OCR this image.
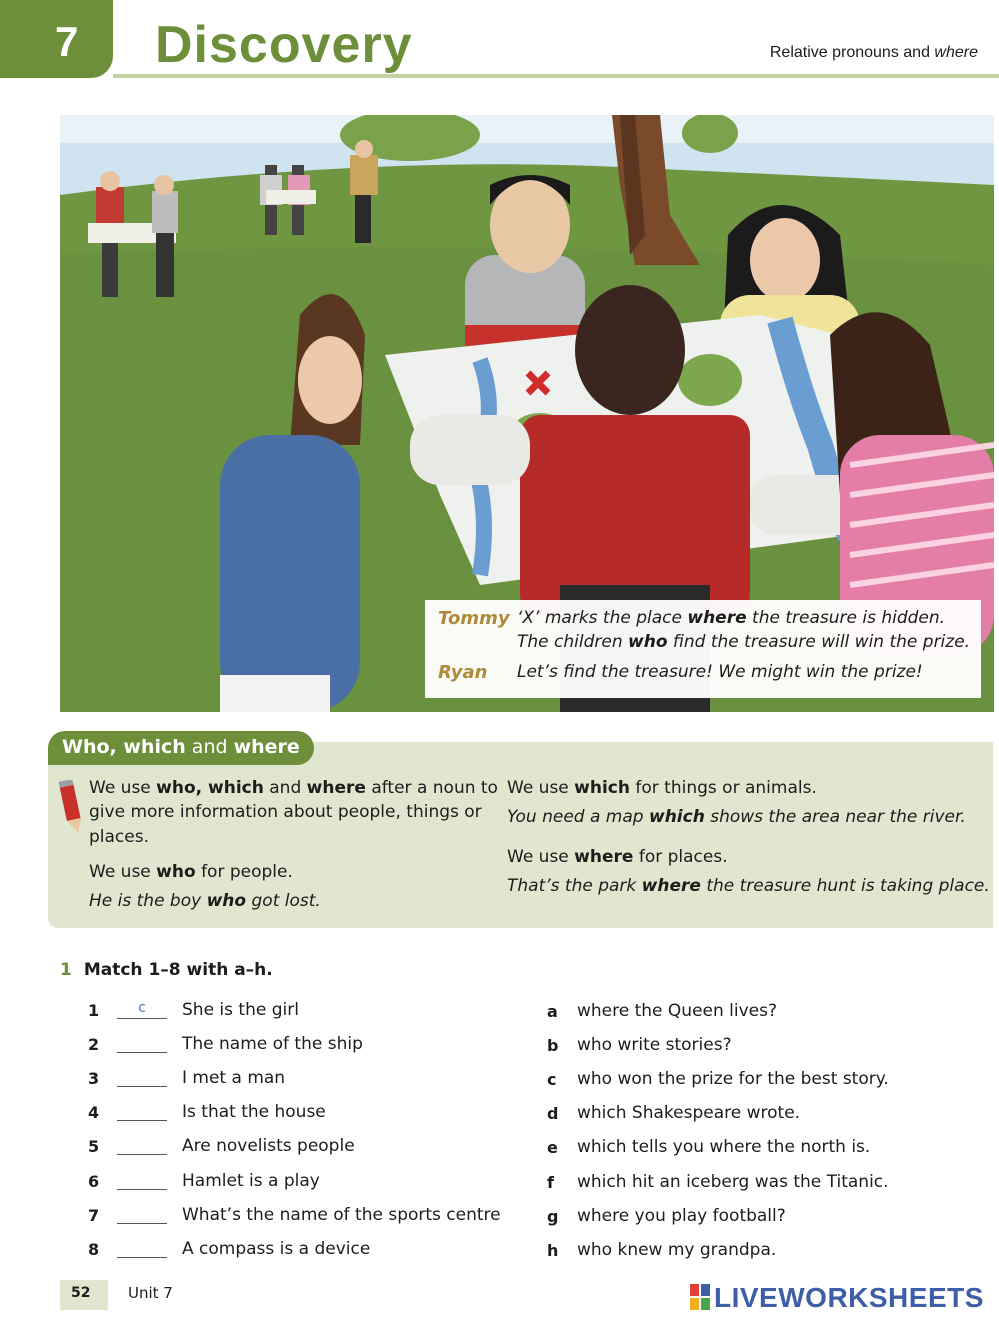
7 Discovery	Relative pronouns and where
Tommy ‘X’ marks the place where the treasure is hidden.
The children who find the treasure will win the prize.
Ryan Let’s find the treasure! We might win the prize!
Who, which and where
We use who, which and where after a noun to
give more information about people, things or
places.
We use who for people.
He is the boy who got lost.
We use which for things or animals.
You need a map which shows the area near the river.
We use where for places.
That’s the park where the treasure hunt is taking place.
1 Match 1–8 with a–h.
1	c	She is the girl
2	The name of the ship
3	I met a man
4	Is that the house
5	Are novelists people
6	Hamlet is a play
7	What’s the name of the sports centre
8	A compass is a device
a where the Queen lives?
b who write stories?
c who won the prize for the best story.
d which Shakespeare wrote.
e which tells you where the north is.
f which hit an iceberg was the Titanic.
g where you play football?
h who knew my grandpa.
52	Unit 7	LIVEWORKSHEETS
